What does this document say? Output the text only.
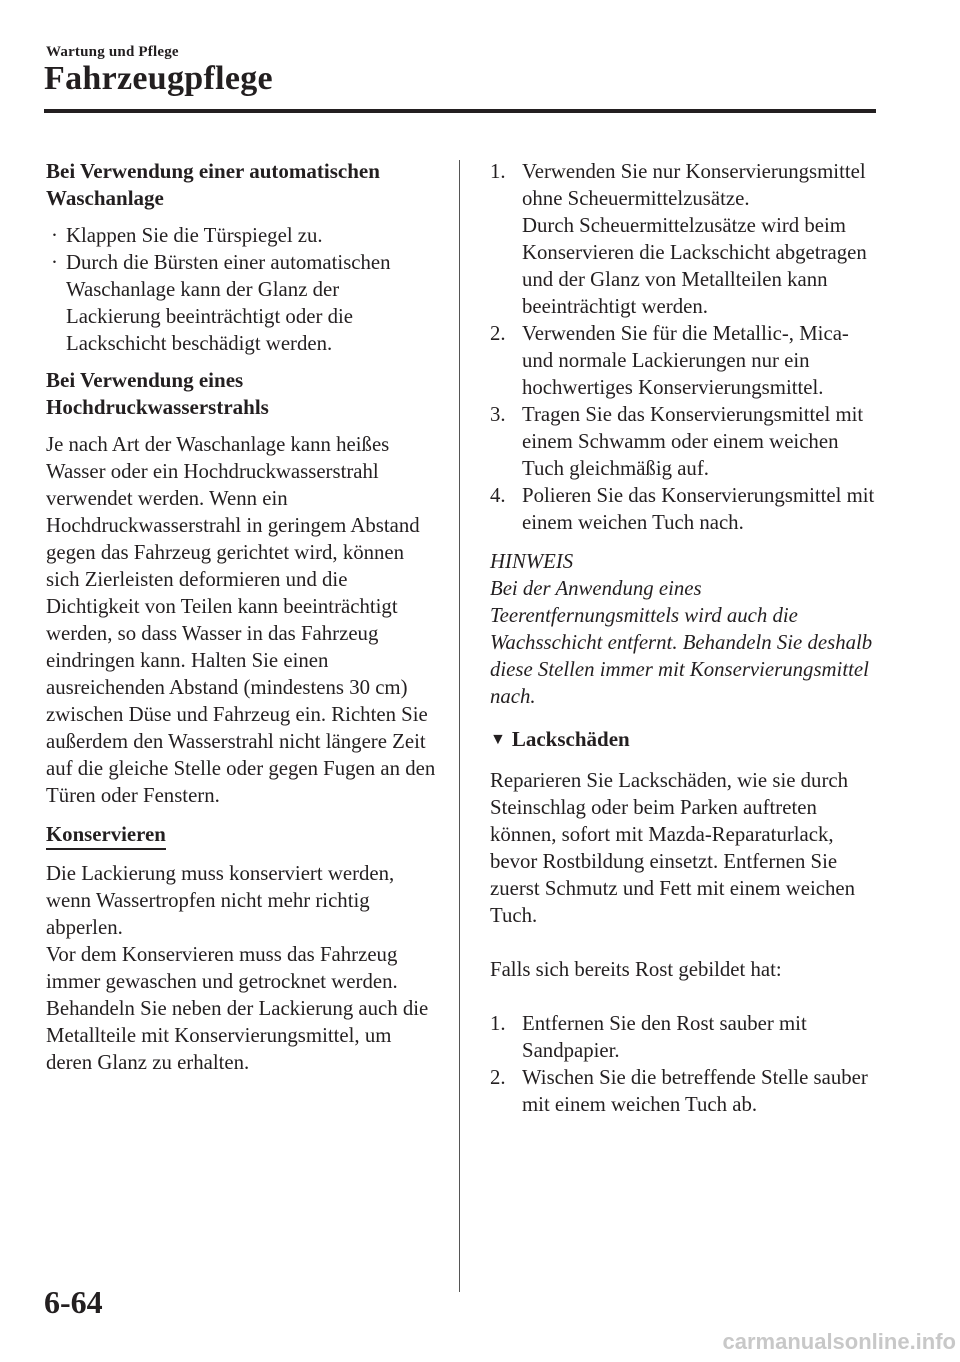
Wartung und Pflege
Fahrzeugpflege

Bei Verwendung einer automatischen Waschanlage

· Klappen Sie die Türspiegel zu.

· Durch die Bürsten einer automatischen Waschanlage kann der Glanz der Lackierung beeinträchtigt oder die Lackschicht beschädigt werden.

Bei Verwendung eines Hochdruckwasserstrahls

Je nach Art der Waschanlage kann heißes Wasser oder ein Hochdruckwasserstrahl verwendet werden. Wenn ein Hochdruckwasserstrahl in geringem Abstand gegen das Fahrzeug gerichtet wird, können sich Zierleisten deformieren und die Dichtigkeit von Teilen kann beeinträchtigt werden, so dass Wasser in das Fahrzeug eindringen kann. Halten Sie einen ausreichenden Abstand (mindestens 30 cm) zwischen Düse und Fahrzeug ein. Richten Sie außerdem den Wasserstrahl nicht längere Zeit auf die gleiche Stelle oder gegen Fugen an den Türen oder Fenstern.

Konservieren

Die Lackierung muss konserviert werden, wenn Wassertropfen nicht mehr richtig abperlen.

Vor dem Konservieren muss das Fahrzeug immer gewaschen und getrocknet werden. Behandeln Sie neben der Lackierung auch die Metallteile mit Konservierungsmittel, um deren Glanz zu erhalten.

1. Verwenden Sie nur Konservierungsmittel ohne Scheuermittelzusätze.

Durch Scheuermittelzusätze wird beim Konservieren die Lackschicht abgetragen und der Glanz von Metallteilen kann beeinträchtigt werden.

2. Verwenden Sie für die Metallic-, Mica- und normale Lackierungen nur ein hochwertiges Konservierungsmittel.

3. Tragen Sie das Konservierungsmittel mit einem Schwamm oder einem weichen Tuch gleichmäßig auf.

4. Polieren Sie das Konservierungsmittel mit einem weichen Tuch nach.

HINWEIS

Bei der Anwendung eines Teerentfernungsmittels wird auch die Wachsschicht entfernt. Behandeln Sie deshalb diese Stellen immer mit Konservierungsmittel nach.

▼ Lackschäden

Reparieren Sie Lackschäden, wie sie durch Steinschlag oder beim Parken auftreten können, sofort mit Mazda-Reparaturlack, bevor Rostbildung einsetzt. Entfernen Sie zuerst Schmutz und Fett mit einem weichen Tuch.

Falls sich bereits Rost gebildet hat:

1. Entfernen Sie den Rost sauber mit Sandpapier.

2. Wischen Sie die betreffende Stelle sauber mit einem weichen Tuch ab.

6-64
carmanualsonline.info
